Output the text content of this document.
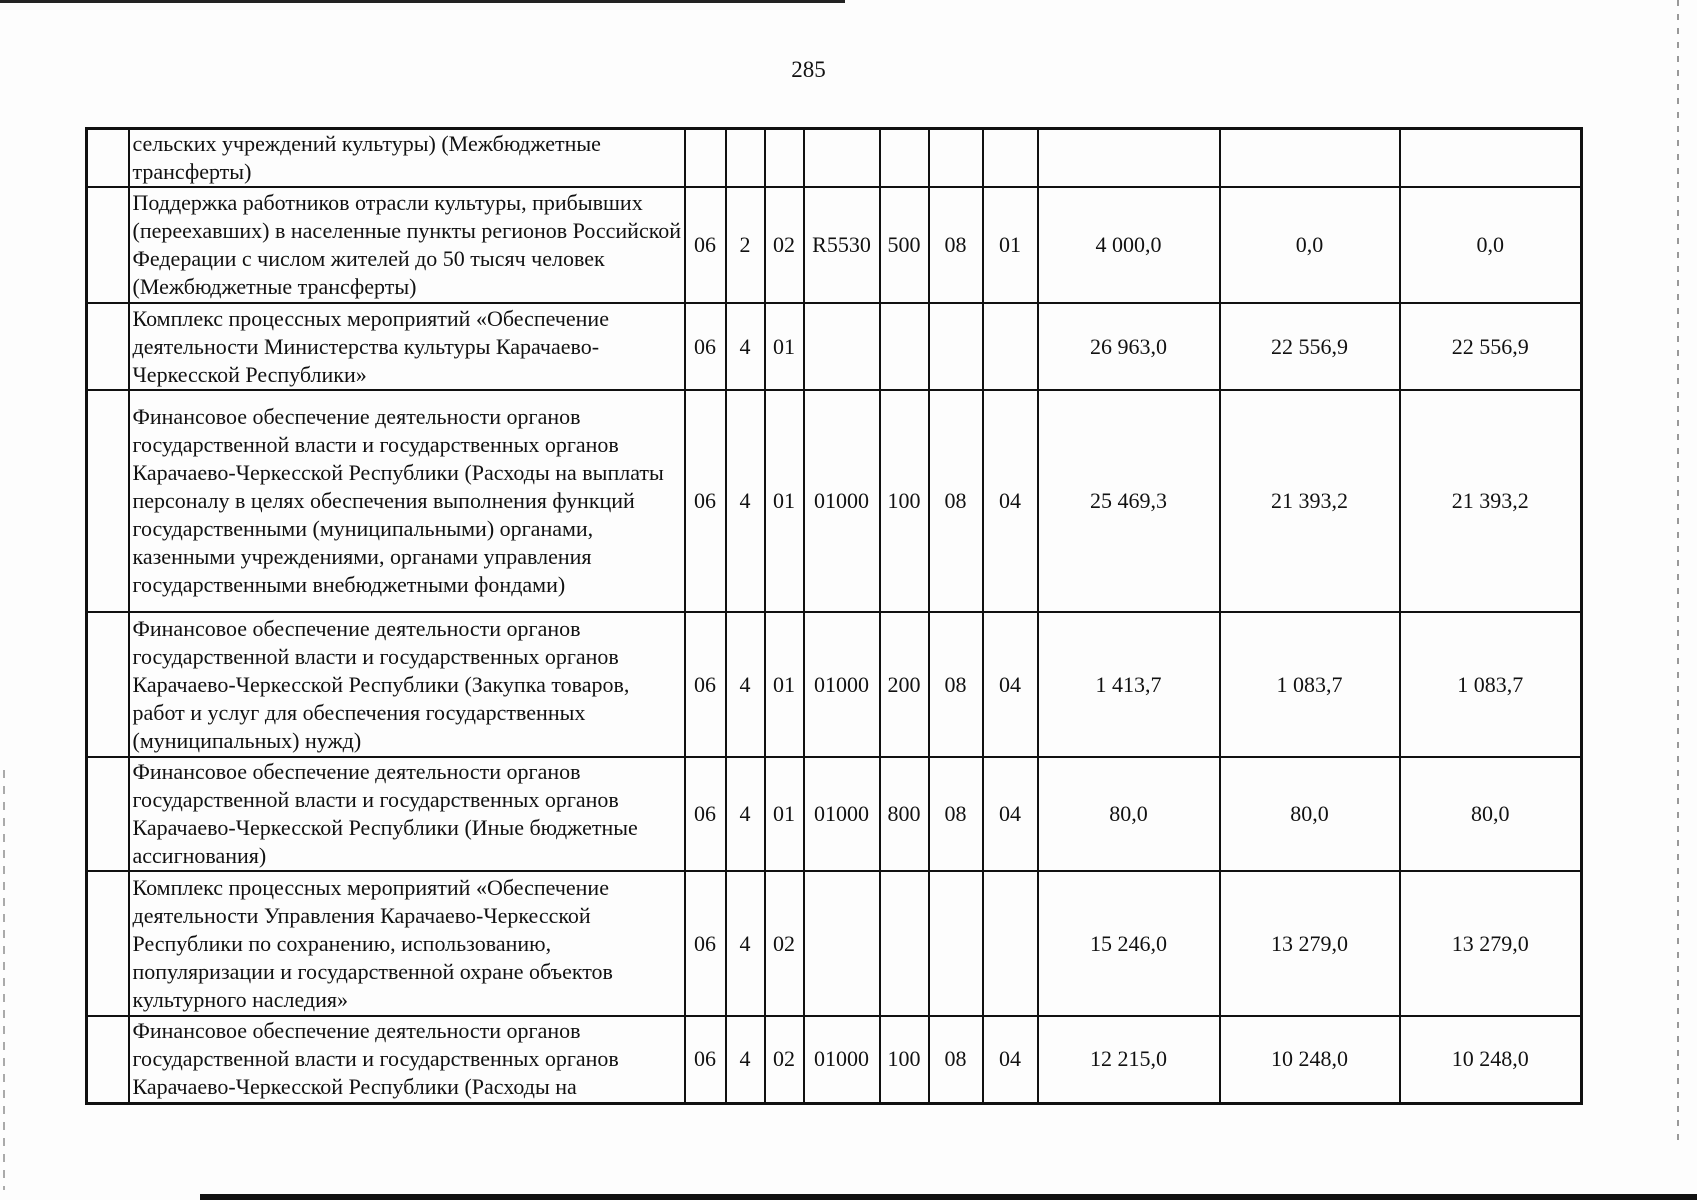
285
	сельских учреждений культуры) (Межбюджетные трансферты)										
	Поддержка работников отрасли культуры, прибывших (переехавших) в населенные пункты регионов Российской Федерации с числом жителей до 50 тысяч человек (Межбюджетные трансферты)	06	2	02	R5530	500	08	01	4 000,0	0,0	0,0
	Комплекс процессных мероприятий «Обеспечение деятельности Министерства культуры Карачаево-Черкесской Республики»	06	4	01					26 963,0	22 556,9	22 556,9
	Финансовое обеспечение деятельности органов государственной власти и государственных органов Карачаево-Черкесской Республики (Расходы на выплаты персоналу в целях обеспечения выполнения функций государственными (муниципальными) органами, казенными учреждениями, органами управления государственными внебюджетными фондами)	06	4	01	01000	100	08	04	25 469,3	21 393,2	21 393,2
	Финансовое обеспечение деятельности органов государственной власти и государственных органов Карачаево-Черкесской Республики (Закупка товаров, работ и услуг для обеспечения государственных (муниципальных) нужд)	06	4	01	01000	200	08	04	1 413,7	1 083,7	1 083,7
	Финансовое обеспечение деятельности органов государственной власти и государственных органов Карачаево-Черкесской Республики (Иные бюджетные ассигнования)	06	4	01	01000	800	08	04	80,0	80,0	80,0
	Комплекс процессных мероприятий «Обеспечение деятельности Управления Карачаево-Черкесской Республики по сохранению, использованию, популяризации и государственной охране объектов культурного наследия»	06	4	02					15 246,0	13 279,0	13 279,0
	Финансовое обеспечение деятельности органов государственной власти и государственных органов Карачаево-Черкесской Республики (Расходы на	06	4	02	01000	100	08	04	12 215,0	10 248,0	10 248,0
